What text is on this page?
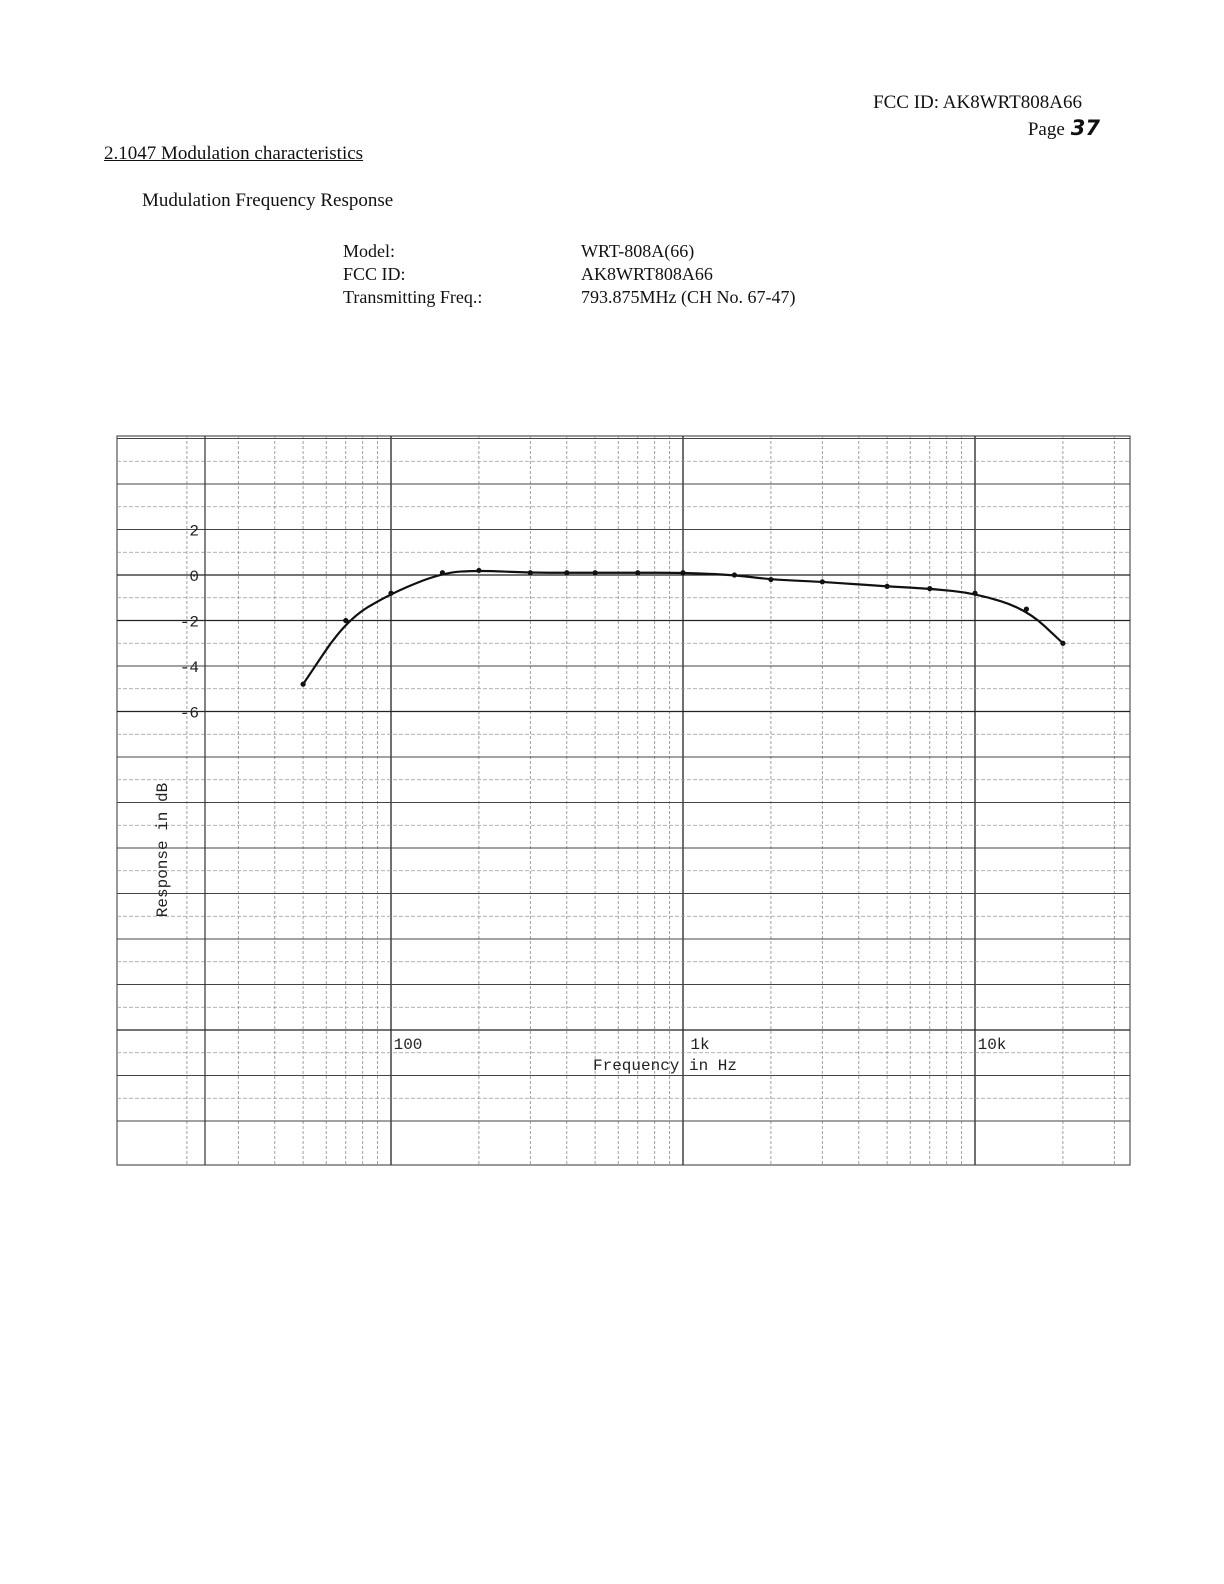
FCC ID: AK8WRT808A66
Page 37
2.1047 Modulation characteristics
Mudulation Frequency Response
Model:	WRT-808A(66)
FCC ID:	AK8WRT808A66
Transmitting Freq.:	793.875MHz (CH No. 67-47)
2
0
-2
-4
-6
100	1k	10k
Frequency in Hz
Response in dB
